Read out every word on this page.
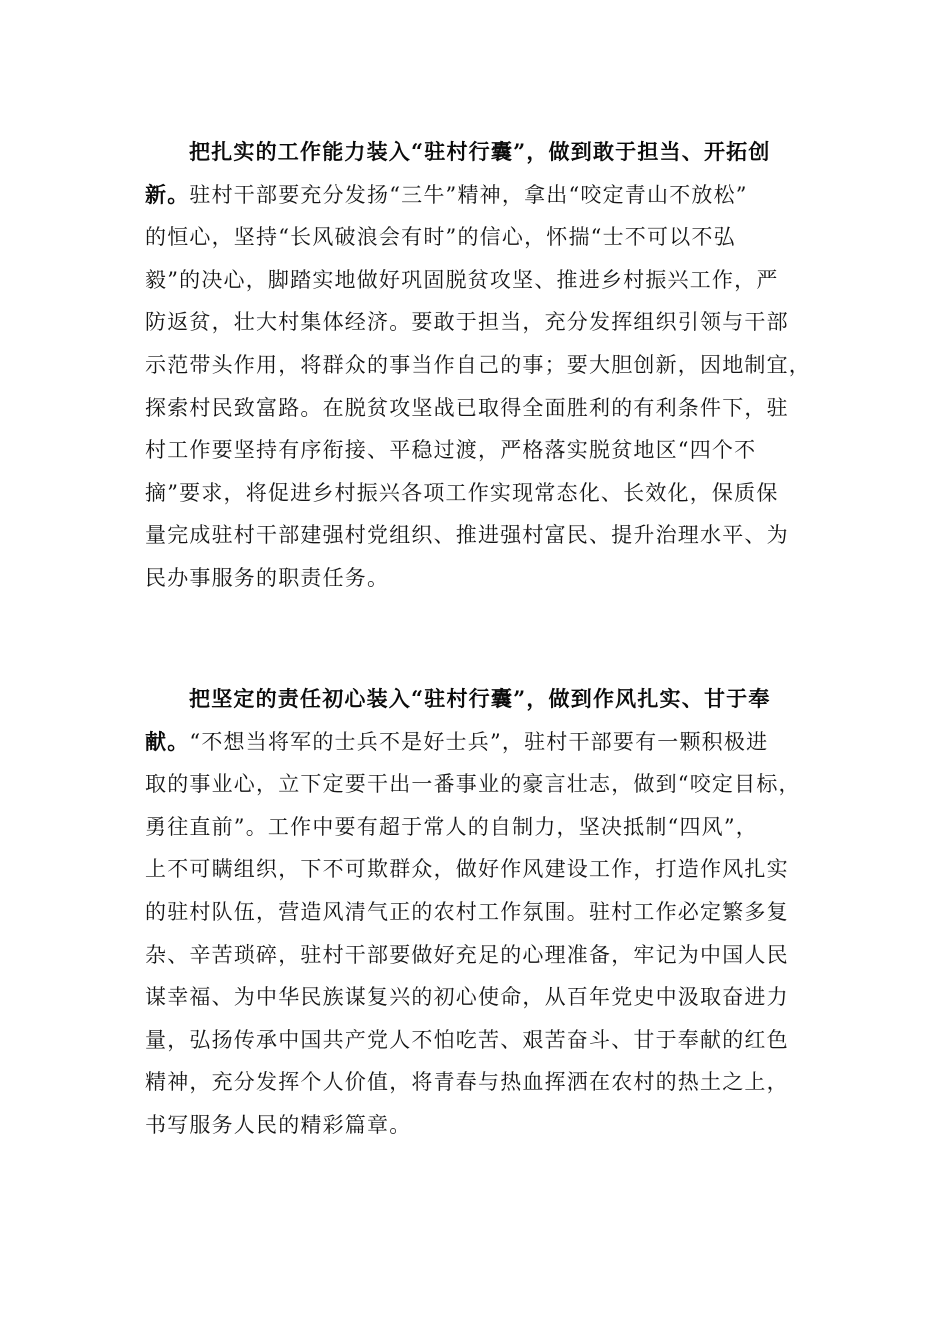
把扎实的工作能力装入“驻村行囊”，做到敢于担当、开拓创
新。驻村干部要充分发扬“三牛”精神，拿出“咬定青山不放松”
的恒心，坚持“长风破浪会有时”的信心，怀揣“士不可以不弘
毅”的决心，脚踏实地做好巩固脱贫攻坚、推进乡村振兴工作，严
防返贫，壮大村集体经济。要敢于担当，充分发挥组织引领与干部
示范带头作用，将群众的事当作自己的事；要大胆创新，因地制宜，
探索村民致富路。在脱贫攻坚战已取得全面胜利的有利条件下，驻
村工作要坚持有序衔接、平稳过渡，严格落实脱贫地区“四个不
摘”要求，将促进乡村振兴各项工作实现常态化、长效化，保质保
量完成驻村干部建强村党组织、推进强村富民、提升治理水平、为
民办事服务的职责任务。
把坚定的责任初心装入“驻村行囊”，做到作风扎实、甘于奉
献。“不想当将军的士兵不是好士兵”，驻村干部要有一颗积极进
取的事业心，立下定要干出一番事业的豪言壮志，做到“咬定目标，
勇往直前”。工作中要有超于常人的自制力，坚决抵制“四风”，
上不可瞒组织，下不可欺群众，做好作风建设工作，打造作风扎实
的驻村队伍，营造风清气正的农村工作氛围。驻村工作必定繁多复
杂、辛苦琐碎，驻村干部要做好充足的心理准备，牢记为中国人民
谋幸福、为中华民族谋复兴的初心使命，从百年党史中汲取奋进力
量，弘扬传承中国共产党人不怕吃苦、艰苦奋斗、甘于奉献的红色
精神，充分发挥个人价值，将青春与热血挥洒在农村的热土之上，
书写服务人民的精彩篇章。
